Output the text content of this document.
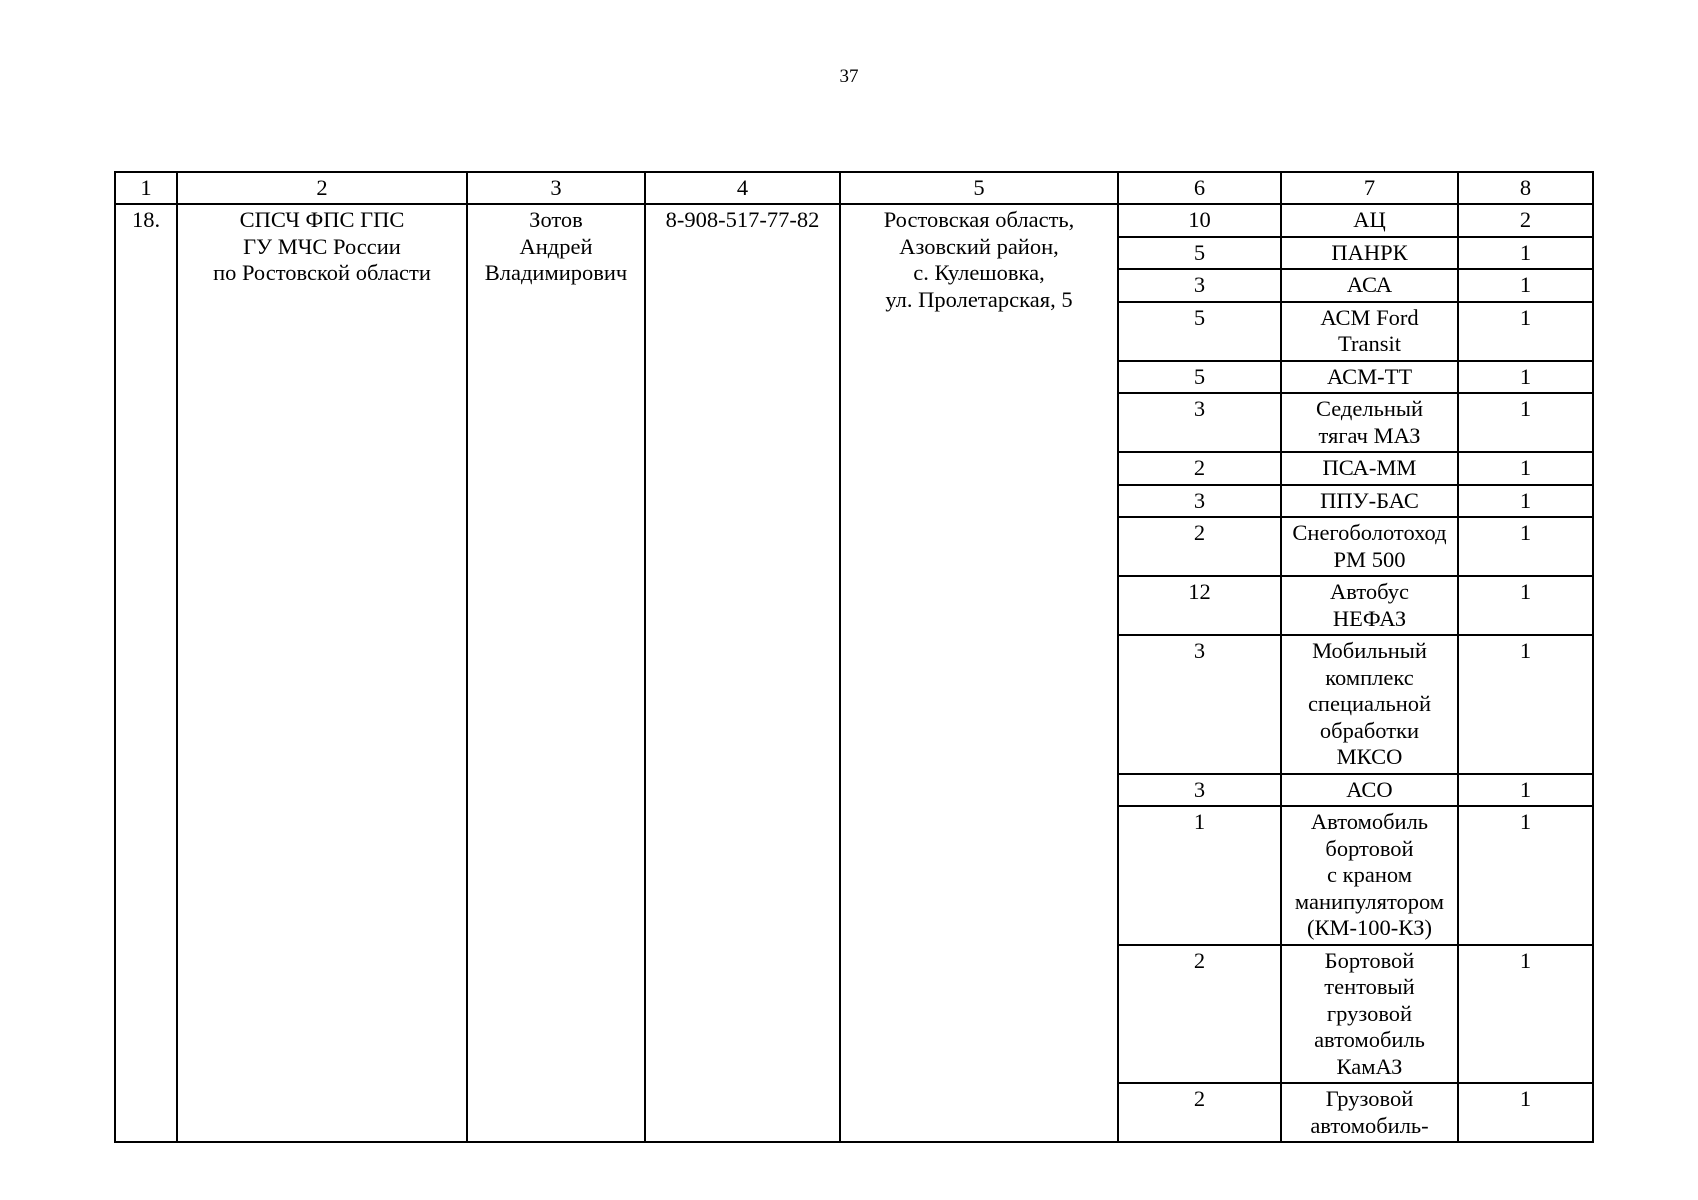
37
1	2	3	4	5	6	7	8
18.	СПСЧ ФПС ГПС
ГУ МЧС России
по Ростовской области	Зотов
Андрей
Владимирович	8-908-517-77-82	Ростовская область,
Азовский район,
с. Кулешовка,
ул. Пролетарская, 5	10	АЦ	2
					5	ПАНРК	1
					3	АСА	1
					5	АСМ Ford
Transit	1
					5	АСМ-ТТ	1
					3	Седельный
тягач МАЗ	1
					2	ПСА-ММ	1
					3	ППУ-БАС	1
					2	Снегоболотоход
РМ 500	1
					12	Автобус
НЕФАЗ	1
					3	Мобильный
комплекс
специальной
обработки
МКСО	1
					3	АСО	1
					1	Автомобиль
бортовой
с краном
манипулятором
(КМ-100-КЗ)	1
					2	Бортовой
тентовый
грузовой
автомобиль
КамАЗ	1
					2	Грузовой
автомобиль-	1
